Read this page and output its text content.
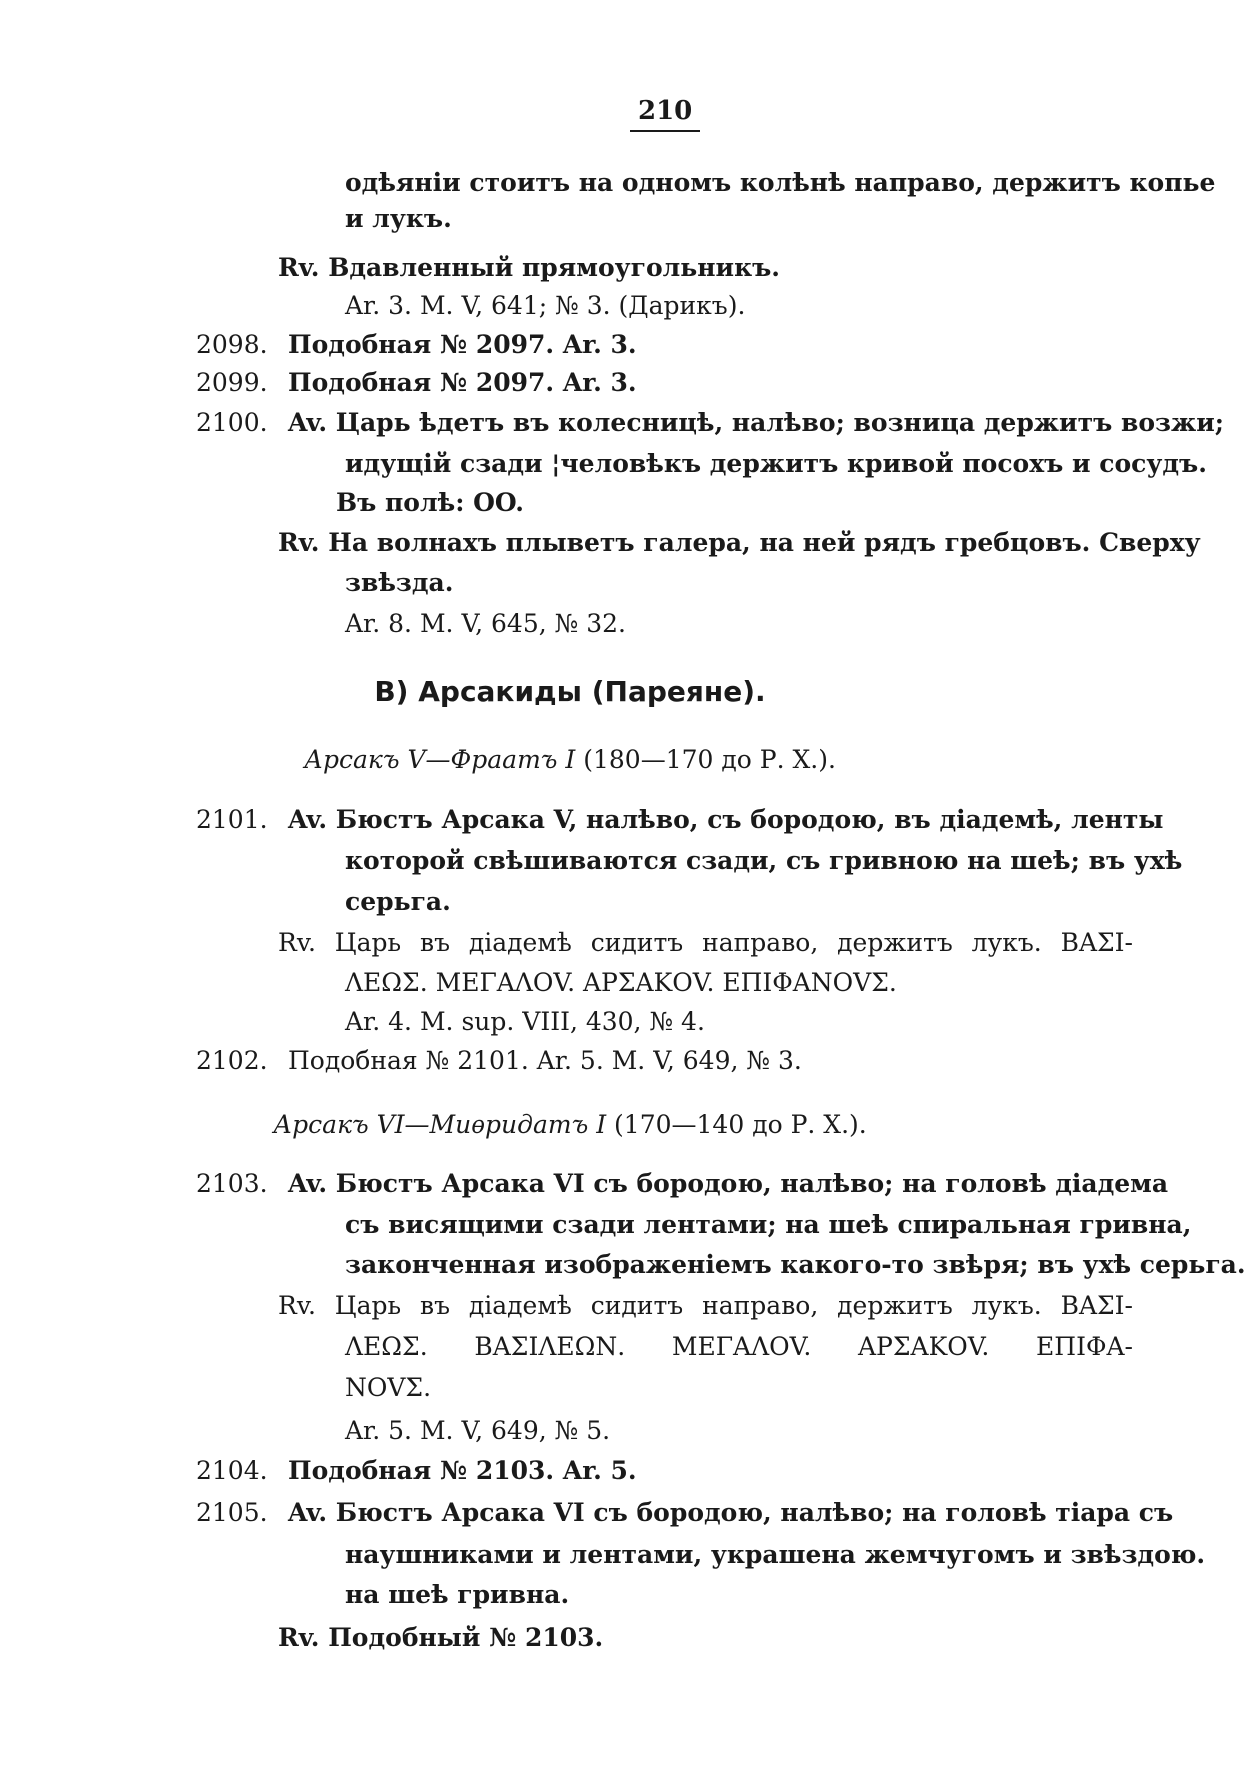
210
одѣяніи стоитъ на одномъ колѣнѣ направо, держитъ копье
и лукъ.
Rv. Вдавленный прямоугольникъ.
Ar. 3. M. V, 641; № 3. (Дарикъ).
2098. Подобная № 2097. Ar. 3.
2099. Подобная № 2097. Ar. 3.
2100. Av. Царь ѣдетъ въ колесницѣ, налѣво; возница держитъ возжи;
идущій сзади ¦человѣкъ держитъ кривой посохъ и сосудъ.
Въ полѣ: OO.
Rv. На волнахъ плыветъ галера, на ней рядъ гребцовъ. Сверху
звѣзда.
Ar. 8. M. V, 645, № 32.
B) Арсакиды (Пареяне).
Арсакъ V—Фраатъ I (180—170 до Р. Х.).
2101. Av. Бюстъ Арсака V, налѣво, съ бородою, въ діадемѣ, ленты
которой свѣшиваются сзади, съ гривною на шеѣ; въ ухѣ
серьга.
Rv. Царь въ діадемѣ сидитъ направо, держитъ лукъ. ΒΑΣΙ-
ΛΕΩΣ. ΜΕΓΑΛΟV. ΑΡΣΑΚΟV. ΕΠΙΦΑΝΟVΣ.
Ar. 4. M. sup. VIII, 430, № 4.
2102. Подобная № 2101. Ar. 5. M. V, 649, № 3.
Арсакъ VI—Миѳридатъ I (170—140 до Р. Х.).
2103. Av. Бюстъ Арсака VI съ бородою, налѣво; на головѣ діадема
съ висящими сзади лентами; на шеѣ спиральная гривна,
законченная изображеніемъ какого-то звѣря; въ ухѣ серьга.
Rv. Царь въ діадемѣ сидитъ направо, держитъ лукъ. ΒΑΣΙ-
ΛΕΩΣ. ΒΑΣΙΛΕΩΝ. ΜΕΓΑΛΟV. ΑΡΣΑΚΟV. ΕΠΙΦΑ-
ΝΟVΣ.
Ar. 5. M. V, 649, № 5.
2104. Подобная № 2103. Ar. 5.
2105. Av. Бюстъ Арсака VI съ бородою, налѣво; на головѣ тіара съ
наушниками и лентами, украшена жемчугомъ и звѣздою.
на шеѣ гривна.
Rv. Подобный № 2103.
